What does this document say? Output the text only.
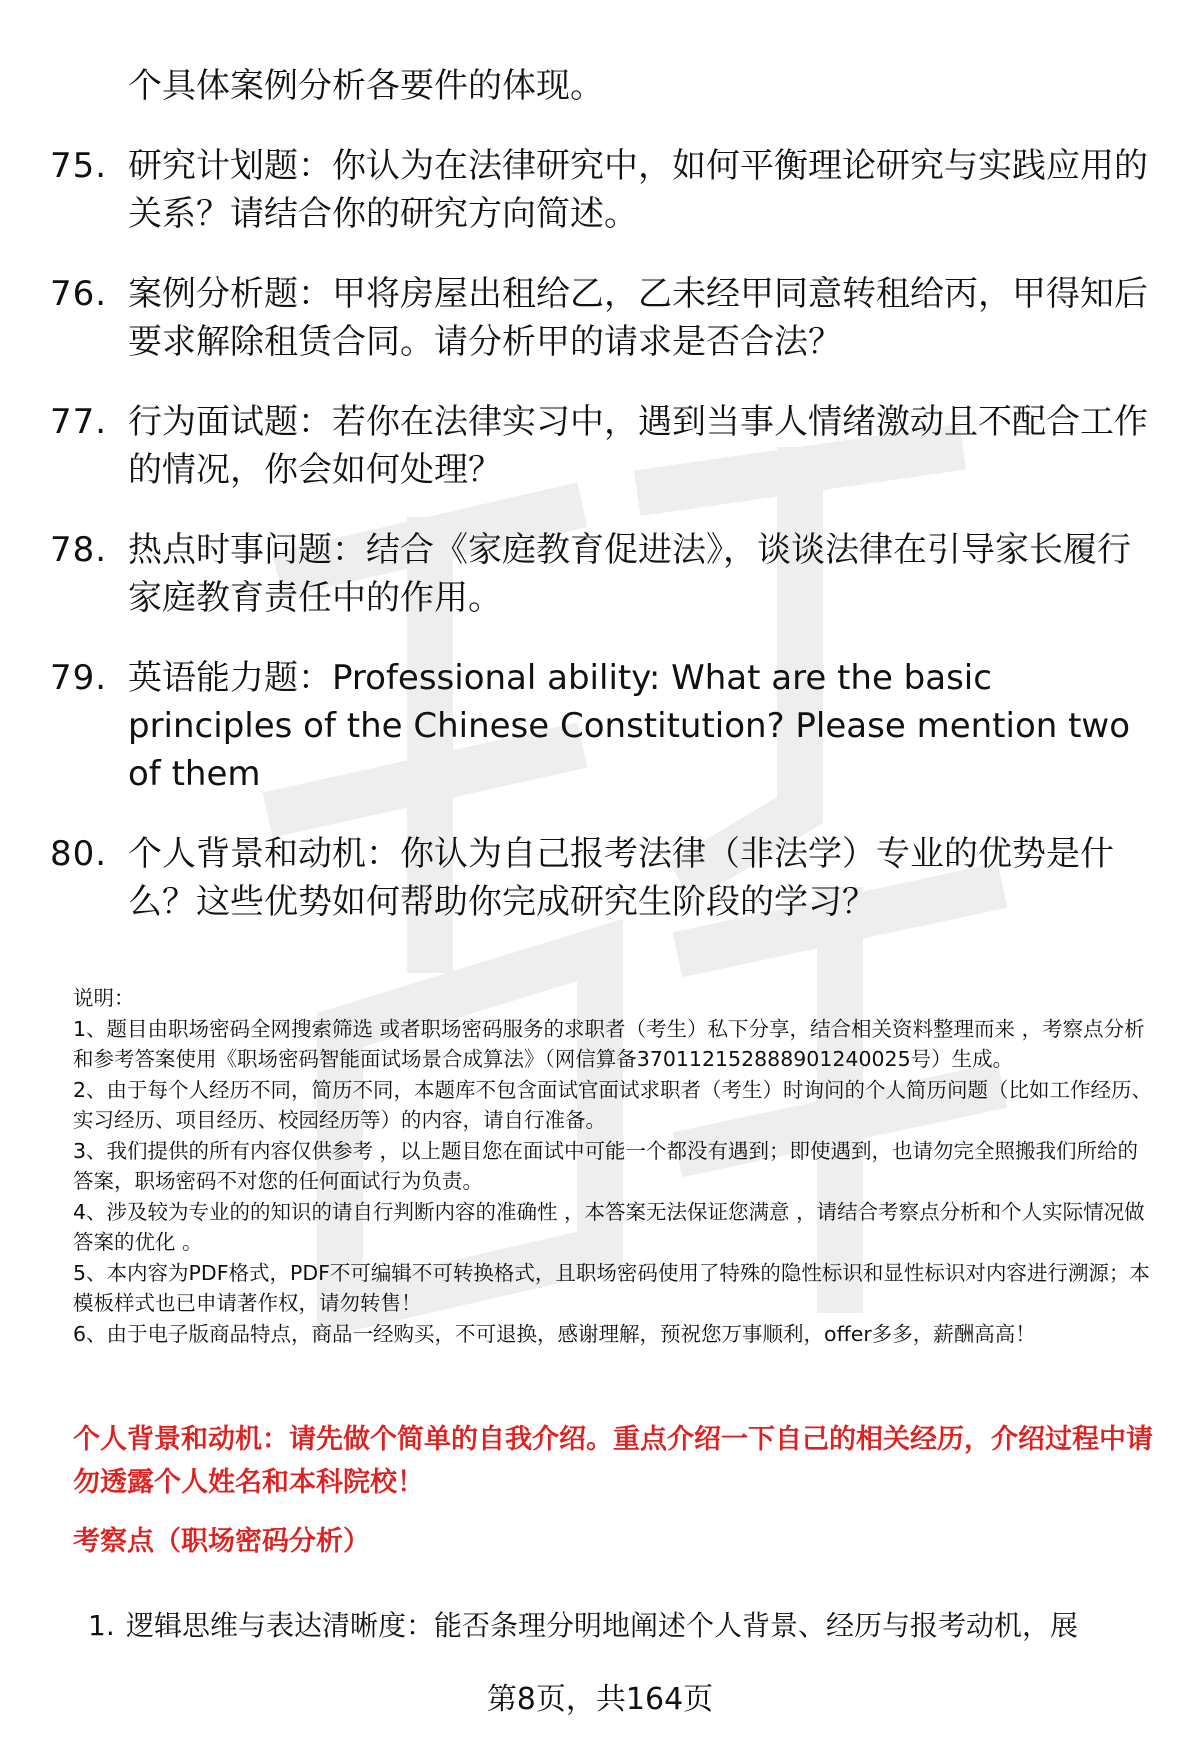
个具体案例分析各要件的体现。
75. 研究计划题：你认为在法律研究中，如何平衡理论研究与实践应用的关系？请结合你的研究方向简述。
76. 案例分析题：甲将房屋出租给乙，乙未经甲同意转租给丙，甲得知后要求解除租赁合同。请分析甲的请求是否合法？
77. 行为面试题：若你在法律实习中，遇到当事人情绪激动且不配合工作的情况，你会如何处理？
78. 热点时事问题：结合《家庭教育促进法》，谈谈法律在引导家长履行家庭教育责任中的作用。
79. 英语能力题：Professional ability: What are the basic principles of the Chinese Constitution? Please mention two of them
80. 个人背景和动机：你认为自己报考法律（非法学）专业的优势是什么？这些优势如何帮助你完成研究生阶段的学习？

说明：

1、题目由职场密码全网搜索筛选 或者职场密码服务的求职者（考生）私下分享，结合相关资料整理而来 ，考察点分析和参考答案使用《职场密码智能面试场景合成算法》（网信算备370112152888901240025号）生成。

2、由于每个人经历不同，简历不同，本题库不包含面试官面试求职者（考生）时询问的个人简历问题（比如工作经历、实习经历、项目经历、校园经历等）的内容，请自行准备。

3、我们提供的所有内容仅供参考 ，以上题目您在面试中可能一个都没有遇到；即使遇到，也请勿完全照搬我们所给的答案，职场密码不对您的任何面试行为负责。

4、涉及较为专业的的知识的请自行判断内容的准确性 ，本答案无法保证您满意 ，请结合考察点分析和个人实际情况做答案的优化 。

5、本内容为PDF格式，PDF不可编辑不可转换格式，且职场密码使用了特殊的隐性标识和显性标识对内容进行溯源；本模板样式也已申请著作权，请勿转售！

6、由于电子版商品特点，商品一经购买，不可退换，感谢理解，预祝您万事顺利，offer多多，薪酬高高！

个人背景和动机：请先做个简单的自我介绍。重点介绍一下自己的相关经历，介绍过程中请勿透露个人姓名和本科院校！
考察点（职场密码分析）
1. 逻辑思维与表达清晰度：能否条理分明地阐述个人背景、经历与报考动机，展
第8页，共164页
